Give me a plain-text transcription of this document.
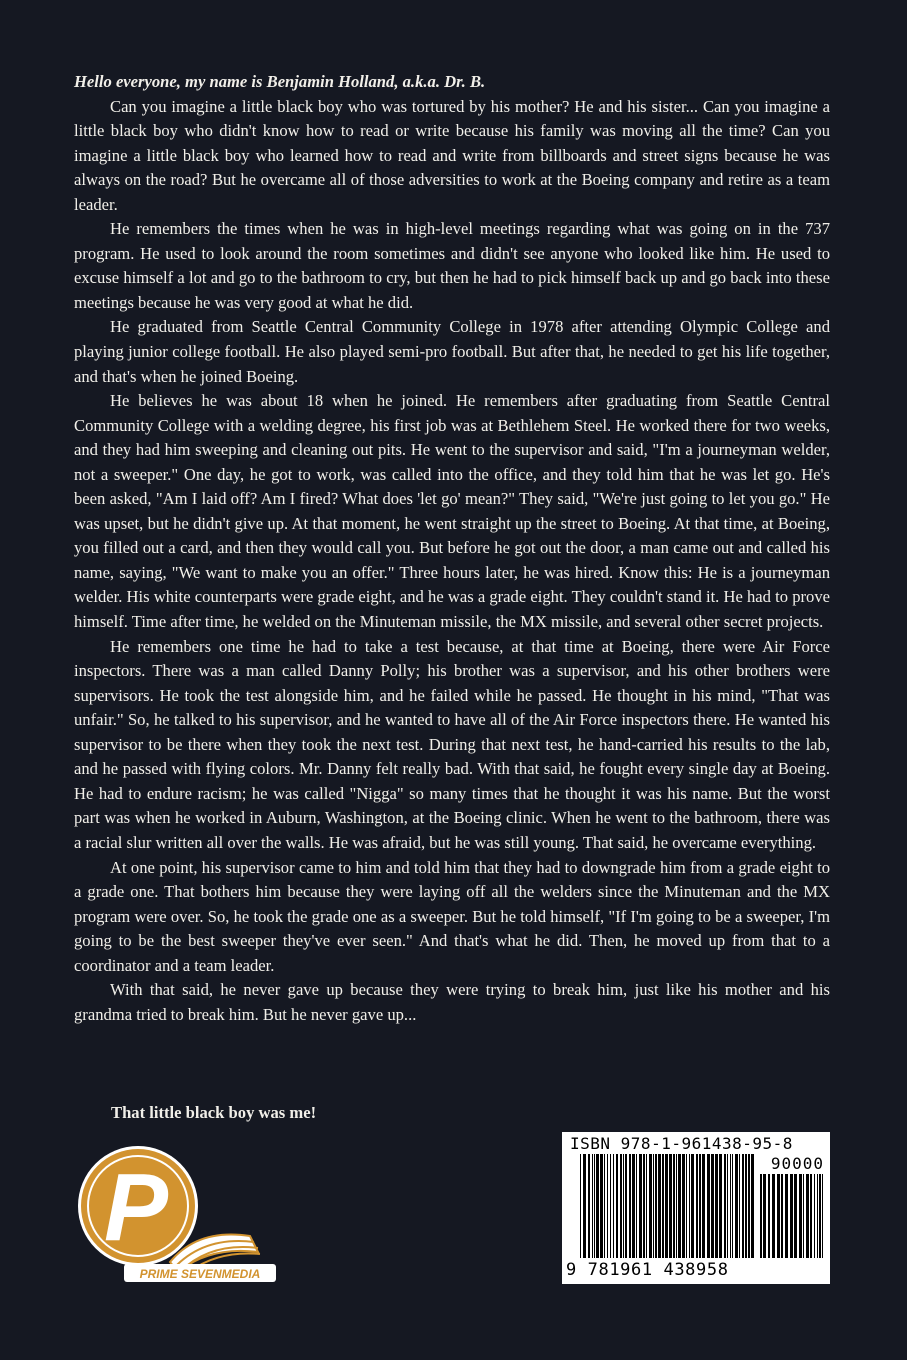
Hello everyone, my name is Benjamin Holland, a.k.a. Dr. B.

Can you imagine a little black boy who was tortured by his mother? He and his sister... Can you imagine a little black boy who didn't know how to read or write because his family was moving all the time? Can you imagine a little black boy who learned how to read and write from billboards and street signs because he was always on the road? But he overcame all of those adversities to work at the Boeing company and retire as a team leader.

He remembers the times when he was in high-level meetings regarding what was going on in the 737 program. He used to look around the room sometimes and didn't see anyone who looked like him. He used to excuse himself a lot and go to the bathroom to cry, but then he had to pick himself back up and go back into these meetings because he was very good at what he did.

He graduated from Seattle Central Community College in 1978 after attending Olympic College and playing junior college football. He also played semi-pro football. But after that, he needed to get his life together, and that's when he joined Boeing.

He believes he was about 18 when he joined. He remembers after graduating from Seattle Central Community College with a welding degree, his first job was at Bethlehem Steel. He worked there for two weeks, and they had him sweeping and cleaning out pits. He went to the supervisor and said, "I'm a journeyman welder, not a sweeper." One day, he got to work, was called into the office, and they told him that he was let go. He's been asked, "Am I laid off? Am I fired? What does 'let go' mean?" They said, "We're just going to let you go." He was upset, but he didn't give up. At that moment, he went straight up the street to Boeing. At that time, at Boeing, you filled out a card, and then they would call you. But before he got out the door, a man came out and called his name, saying, "We want to make you an offer." Three hours later, he was hired. Know this: He is a journeyman welder. His white counterparts were grade eight, and he was a grade eight. They couldn't stand it. He had to prove himself. Time after time, he welded on the Minuteman missile, the MX missile, and several other secret projects.

He remembers one time he had to take a test because, at that time at Boeing, there were Air Force inspectors. There was a man called Danny Polly; his brother was a supervisor, and his other brothers were supervisors. He took the test alongside him, and he failed while he passed. He thought in his mind, "That was unfair." So, he talked to his supervisor, and he wanted to have all of the Air Force inspectors there. He wanted his supervisor to be there when they took the next test. During that next test, he hand-carried his results to the lab, and he passed with flying colors. Mr. Danny felt really bad. With that said, he fought every single day at Boeing. He had to endure racism; he was called "Nigga" so many times that he thought it was his name. But the worst part was when he worked in Auburn, Washington, at the Boeing clinic. When he went to the bathroom, there was a racial slur written all over the walls. He was afraid, but he was still young. That said, he overcame everything.

At one point, his supervisor came to him and told him that they had to downgrade him from a grade eight to a grade one. That bothers him because they were laying off all the welders since the Minuteman and the MX program were over. So, he took the grade one as a sweeper. But he told himself, "If I'm going to be a sweeper, I'm going to be the best sweeper they've ever seen." And that's what he did. Then, he moved up from that to a coordinator and a team leader.

With that said, he never gave up because they were trying to break him, just like his mother and his grandma tried to break him. But he never gave up...

That little black boy was me!

P
PRIME SEVENMEDIA
ISBN 978-1-961438-95-8
90000
9 781961 438958
